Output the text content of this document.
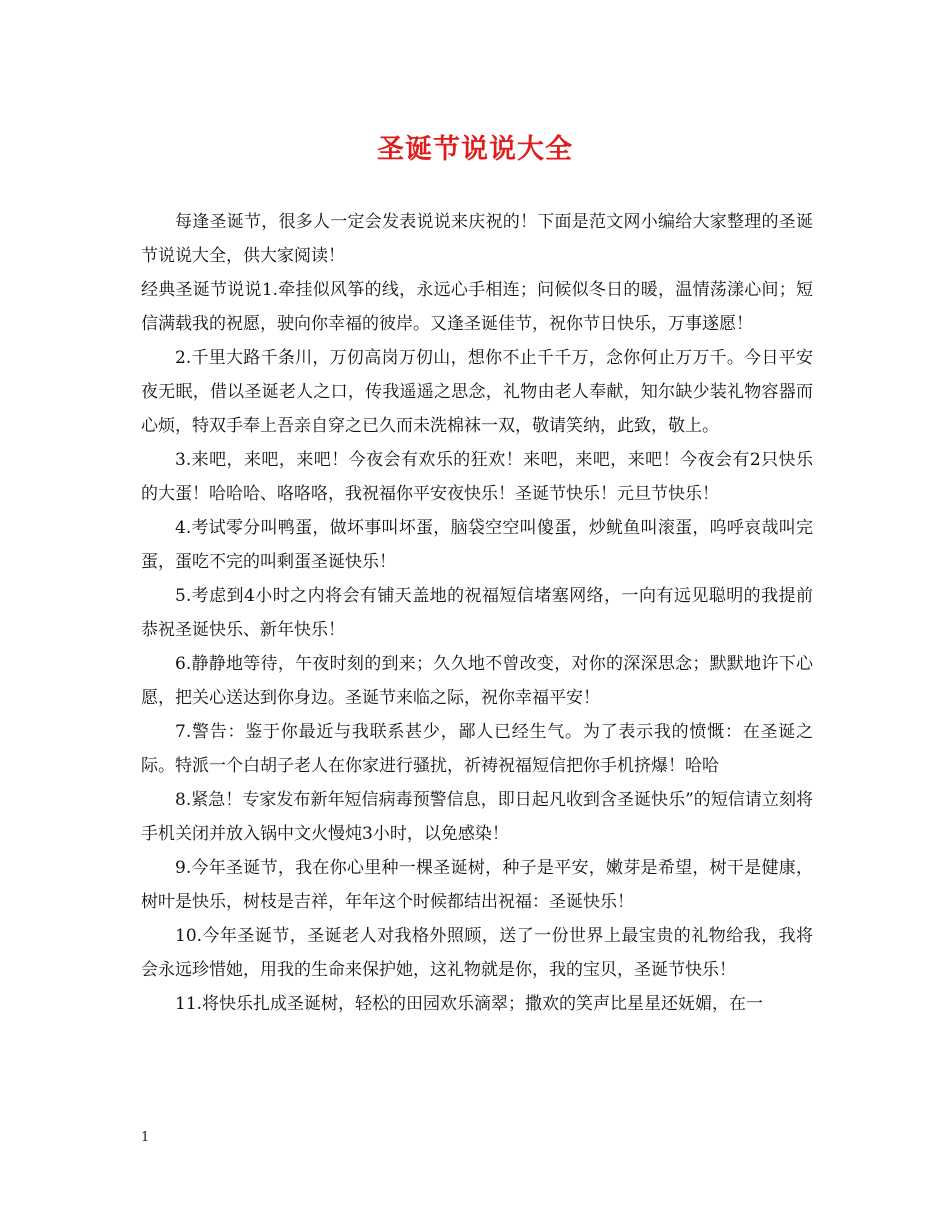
圣诞节说说大全

每逢圣诞节，很多人一定会发表说说来庆祝的！下面是范文网小编给大家整理的圣诞节说说大全，供大家阅读！

经典圣诞节说说1.牵挂似风筝的线，永远心手相连；问候似冬日的暖，温情荡漾心间；短信满载我的祝愿，驶向你幸福的彼岸。又逢圣诞佳节，祝你节日快乐，万事遂愿！

2.千里大路千条川，万仞高岗万仞山，想你不止千千万，念你何止万万千。今日平安夜无眠，借以圣诞老人之口，传我遥遥之思念，礼物由老人奉献，知尔缺少装礼物容器而心烦，特双手奉上吾亲自穿之已久而未洗棉袜一双，敬请笑纳，此致，敬上。

3.来吧，来吧，来吧！今夜会有欢乐的狂欢！来吧，来吧，来吧！今夜会有2只快乐的大蛋！哈哈哈、咯咯咯，我祝福你平安夜快乐！圣诞节快乐！元旦节快乐！

4.考试零分叫鸭蛋，做坏事叫坏蛋，脑袋空空叫傻蛋，炒鱿鱼叫滚蛋，呜呼哀哉叫完蛋，蛋吃不完的叫剩蛋圣诞快乐！

5.考虑到4小时之内将会有铺天盖地的祝福短信堵塞网络，一向有远见聪明的我提前恭祝圣诞快乐、新年快乐！

6.静静地等待，午夜时刻的到来；久久地不曾改变，对你的深深思念；默默地许下心愿，把关心送达到你身边。圣诞节来临之际，祝你幸福平安！

7.警告：鉴于你最近与我联系甚少，鄙人已经生气。为了表示我的愤慨：在圣诞之际。特派一个白胡子老人在你家进行骚扰，祈祷祝福短信把你手机挤爆！哈哈

8.紧急！专家发布新年短信病毒预警信息，即日起凡收到含圣诞快乐”的短信请立刻将手机关闭并放入锅中文火慢炖3小时，以免感染！

9.今年圣诞节，我在你心里种一棵圣诞树，种子是平安，嫩芽是希望，树干是健康，树叶是快乐，树枝是吉祥，年年这个时候都结出祝福：圣诞快乐！

10.今年圣诞节，圣诞老人对我格外照顾，送了一份世界上最宝贵的礼物给我，我将会永远珍惜她，用我的生命来保护她，这礼物就是你，我的宝贝，圣诞节快乐！

11.将快乐扎成圣诞树，轻松的田园欢乐滴翠；撒欢的笑声比星星还妩媚，在一

1
